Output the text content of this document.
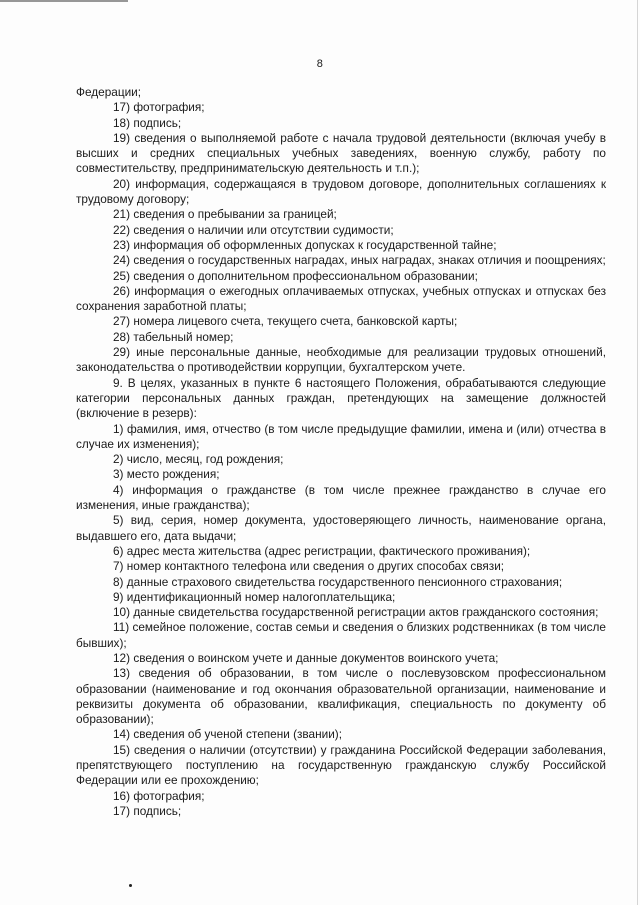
8

Федерации;

17) фотография;

18) подпись;

19) сведения о выполняемой работе с начала трудовой деятельности (включая учебу в высших и средних специальных учебных заведениях, военную службу, работу по совместительству, предпринимательскую деятельность и т.п.);

20) информация, содержащаяся в трудовом договоре, дополнительных соглашениях к трудовому договору;

21) сведения о пребывании за границей;

22) сведения о наличии или отсутствии судимости;

23) информация об оформленных допусках к государственной тайне;

24) сведения о государственных наградах, иных наградах, знаках отличия и поощрениях;

25) сведения о дополнительном профессиональном образовании;

26) информация о ежегодных оплачиваемых отпусках, учебных отпусках и отпусках без сохранения заработной платы;

27) номера лицевого счета, текущего счета, банковской карты;

28) табельный номер;

29) иные персональные данные, необходимые для реализации трудовых отношений, законодательства о противодействии коррупции, бухгалтерском учете.

9. В целях, указанных в пункте 6 настоящего Положения, обрабатываются следующие категории персональных данных граждан, претендующих на замещение должностей (включение в резерв):

1) фамилия, имя, отчество (в том числе предыдущие фамилии, имена и (или) отчества в случае их изменения);

2) число, месяц, год рождения;

3) место рождения;

4) информация о гражданстве (в том числе прежнее гражданство в случае его изменения, иные гражданства);

5) вид, серия, номер документа, удостоверяющего личность, наименование органа, выдавшего его, дата выдачи;

6) адрес места жительства (адрес регистрации, фактического проживания);

7) номер контактного телефона или сведения о других способах связи;

8) данные страхового свидетельства государственного пенсионного страхования;

9) идентификационный номер налогоплательщика;

10) данные свидетельства государственной регистрации актов гражданского состояния;

11) семейное положение, состав семьи и сведения о близких родственниках (в том числе бывших);

12) сведения о воинском учете и данные документов воинского учета;

13) сведения об образовании, в том числе о послевузовском профессиональном образовании (наименование и год окончания образовательной организации, наименование и реквизиты документа об образовании, квалификация, специальность по документу об образовании);

14) сведения об ученой степени (звании);

15) сведения о наличии (отсутствии) у гражданина Российской Федерации заболевания, препятствующего поступлению на государственную гражданскую службу Российской Федерации или ее прохождению;

16) фотография;

17) подпись;
